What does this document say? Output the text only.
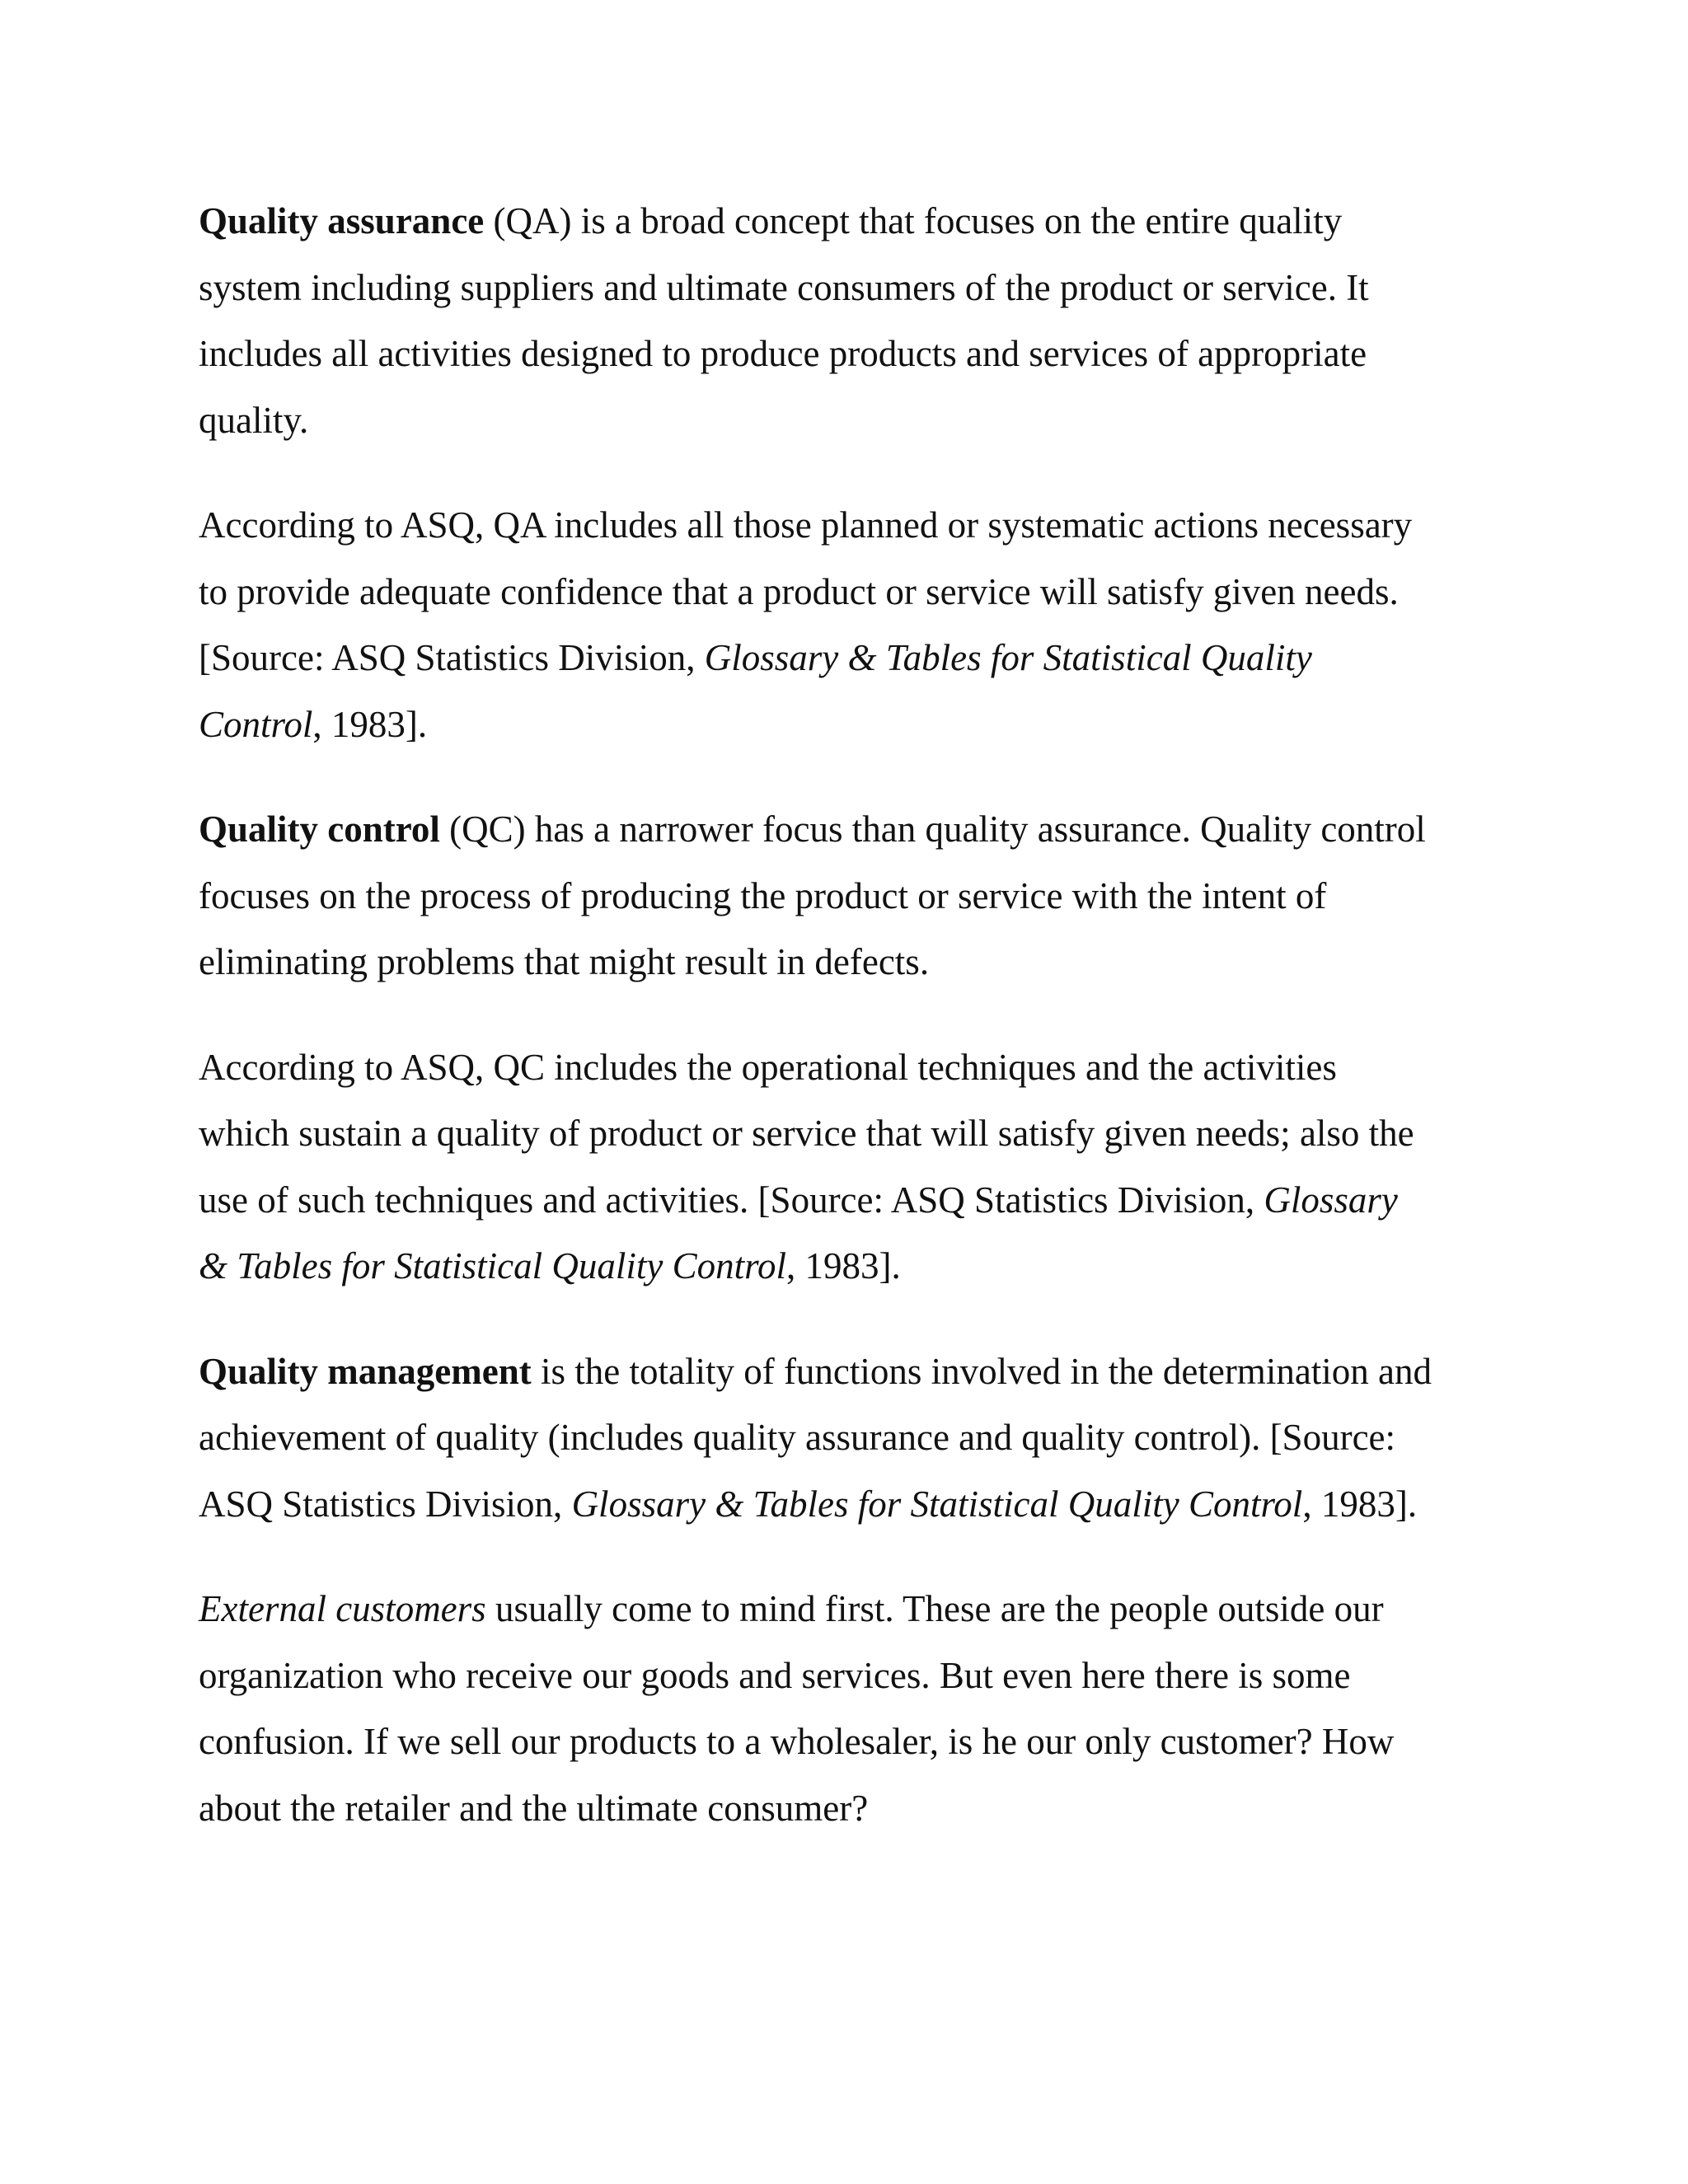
Quality assurance (QA) is a broad concept that focuses on the entire quality
system including suppliers and ultimate consumers of the product or service. It
includes all activities designed to produce products and services of appropriate
quality.

According to ASQ, QA includes all those planned or systematic actions necessary
to provide adequate confidence that a product or service will satisfy given needs.
[Source: ASQ Statistics Division, Glossary & Tables for Statistical Quality
Control, 1983].

Quality control (QC) has a narrower focus than quality assurance. Quality control
focuses on the process of producing the product or service with the intent of
eliminating problems that might result in defects.

According to ASQ, QC includes the operational techniques and the activities
which sustain a quality of product or service that will satisfy given needs; also the
use of such techniques and activities. [Source: ASQ Statistics Division, Glossary
& Tables for Statistical Quality Control, 1983].

Quality management is the totality of functions involved in the determination and
achievement of quality (includes quality assurance and quality control). [Source:
ASQ Statistics Division, Glossary & Tables for Statistical Quality Control, 1983].

External customers usually come to mind first. These are the people outside our
organization who receive our goods and services. But even here there is some
confusion. If we sell our products to a wholesaler, is he our only customer? How
about the retailer and the ultimate consumer?
